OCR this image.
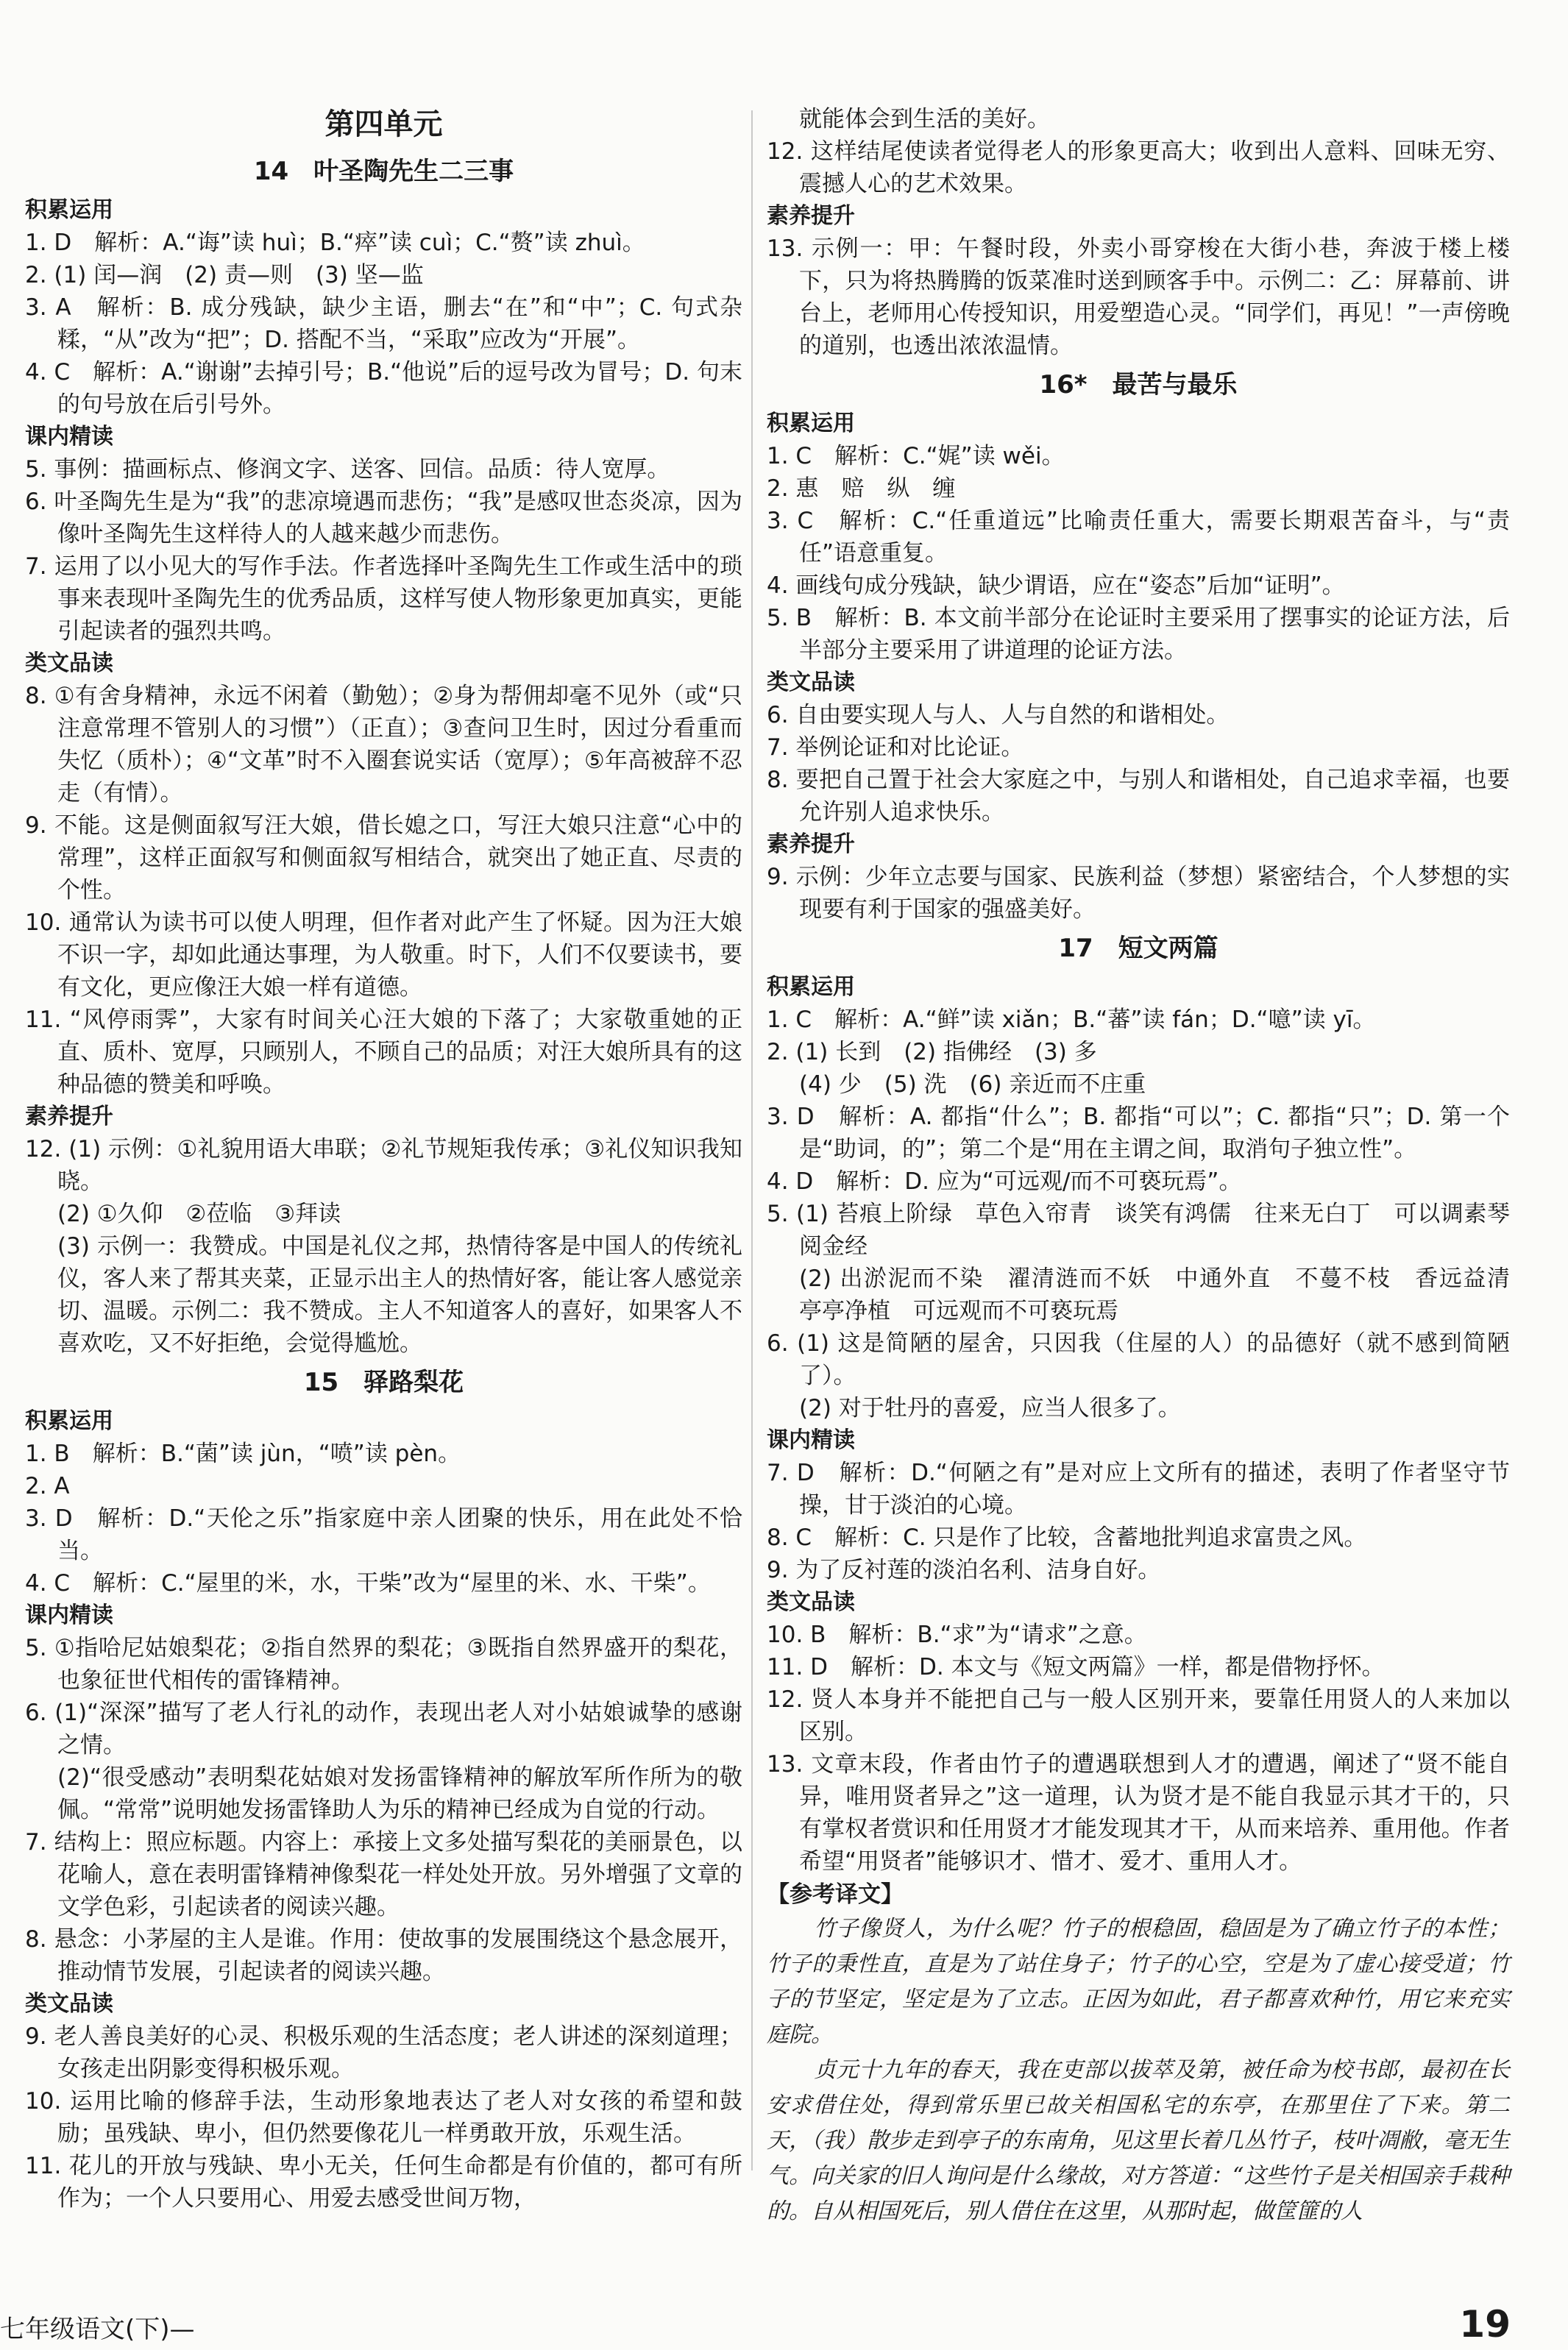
第四单元
14　叶圣陶先生二三事

积累运用

1. D　解析：A.“诲”读 huì；B.“瘁”读 cuì；C.“赘”读 zhuì。

2. (1) 闰—润　(2) 责—则　(3) 坚—监

3. A　解析：B. 成分残缺，缺少主语，删去“在”和“中”；C. 句式杂糅，“从”改为“把”；D. 搭配不当，“采取”应改为“开展”。

4. C　解析：A.“谢谢”去掉引号；B.“他说”后的逗号改为冒号；D. 句末的句号放在后引号外。

课内精读

5. 事例：描画标点、修润文字、送客、回信。品质：待人宽厚。

6. 叶圣陶先生是为“我”的悲凉境遇而悲伤；“我”是感叹世态炎凉，因为像叶圣陶先生这样待人的人越来越少而悲伤。

7. 运用了以小见大的写作手法。作者选择叶圣陶先生工作或生活中的琐事来表现叶圣陶先生的优秀品质，这样写使人物形象更加真实，更能引起读者的强烈共鸣。

类文品读

8. ①有舍身精神，永远不闲着（勤勉）；②身为帮佣却毫不见外（或“只注意常理不管别人的习惯”）（正直）；③查问卫生时，因过分看重而失忆（质朴）；④“文革”时不入圈套说实话（宽厚）；⑤年高被辞不忍走（有情）。

9. 不能。这是侧面叙写汪大娘，借长媳之口，写汪大娘只注意“心中的常理”，这样正面叙写和侧面叙写相结合，就突出了她正直、尽责的个性。

10. 通常认为读书可以使人明理，但作者对此产生了怀疑。因为汪大娘不识一字，却如此通达事理，为人敬重。时下，人们不仅要读书，要有文化，更应像汪大娘一样有道德。

11. “风停雨霁”，大家有时间关心汪大娘的下落了；大家敬重她的正直、质朴、宽厚，只顾别人，不顾自己的品质；对汪大娘所具有的这种品德的赞美和呼唤。

素养提升

12. (1) 示例：①礼貌用语大串联；②礼节规矩我传承；③礼仪知识我知晓。

(2) ①久仰　②莅临　③拜读

(3) 示例一：我赞成。中国是礼仪之邦，热情待客是中国人的传统礼仪，客人来了帮其夹菜，正显示出主人的热情好客，能让客人感觉亲切、温暖。示例二：我不赞成。主人不知道客人的喜好，如果客人不喜欢吃，又不好拒绝，会觉得尴尬。

15　驿路梨花

积累运用

1. B　解析：B.“菌”读 jùn，“喷”读 pèn。

2. A

3. D　解析：D.“天伦之乐”指家庭中亲人团聚的快乐，用在此处不恰当。

4. C　解析：C.“屋里的米，水，干柴”改为“屋里的米、水、干柴”。

课内精读

5. ①指哈尼姑娘梨花；②指自然界的梨花；③既指自然界盛开的梨花，也象征世代相传的雷锋精神。

6. (1)“深深”描写了老人行礼的动作，表现出老人对小姑娘诚挚的感谢之情。

(2)“很受感动”表明梨花姑娘对发扬雷锋精神的解放军所作所为的敬佩。“常常”说明她发扬雷锋助人为乐的精神已经成为自觉的行动。

7. 结构上：照应标题。内容上：承接上文多处描写梨花的美丽景色，以花喻人，意在表明雷锋精神像梨花一样处处开放。另外增强了文章的文学色彩，引起读者的阅读兴趣。

8. 悬念：小茅屋的主人是谁。作用：使故事的发展围绕这个悬念展开，推动情节发展，引起读者的阅读兴趣。

类文品读

9. 老人善良美好的心灵、积极乐观的生活态度；老人讲述的深刻道理；女孩走出阴影变得积极乐观。

10. 运用比喻的修辞手法，生动形象地表达了老人对女孩的希望和鼓励；虽残缺、卑小，但仍然要像花儿一样勇敢开放，乐观生活。

11. 花儿的开放与残缺、卑小无关，任何生命都是有价值的，都可有所作为；一个人只要用心、用爱去感受世间万物，

就能体会到生活的美好。

12. 这样结尾使读者觉得老人的形象更高大；收到出人意料、回味无穷、震撼人心的艺术效果。

素养提升

13. 示例一：甲：午餐时段，外卖小哥穿梭在大街小巷，奔波于楼上楼下，只为将热腾腾的饭菜准时送到顾客手中。示例二：乙：屏幕前、讲台上，老师用心传授知识，用爱塑造心灵。“同学们，再见！”一声傍晚的道别，也透出浓浓温情。

16*　最苦与最乐

积累运用

1. C　解析：C.“娓”读 wěi。

2. 惠　赔　纵　缠

3. C　解析：C.“任重道远”比喻责任重大，需要长期艰苦奋斗，与“责任”语意重复。

4. 画线句成分残缺，缺少谓语，应在“姿态”后加“证明”。

5. B　解析：B. 本文前半部分在论证时主要采用了摆事实的论证方法，后半部分主要采用了讲道理的论证方法。

类文品读

6. 自由要实现人与人、人与自然的和谐相处。

7. 举例论证和对比论证。

8. 要把自己置于社会大家庭之中，与别人和谐相处，自己追求幸福，也要允许别人追求快乐。

素养提升

9. 示例：少年立志要与国家、民族利益（梦想）紧密结合，个人梦想的实现要有利于国家的强盛美好。

17　短文两篇

积累运用

1. C　解析：A.“鲜”读 xiǎn；B.“蕃”读 fán；D.“噫”读 yī。

2. (1) 长到　(2) 指佛经　(3) 多

(4) 少　(5) 洗　(6) 亲近而不庄重

3. D　解析：A. 都指“什么”；B. 都指“可以”；C. 都指“只”；D. 第一个是“助词，的”；第二个是“用在主谓之间，取消句子独立性”。

4. D　解析：D. 应为“可远观/而不可亵玩焉”。

5. (1) 苔痕上阶绿　草色入帘青　谈笑有鸿儒　往来无白丁　可以调素琴　阅金经

(2) 出淤泥而不染　濯清涟而不妖　中通外直　不蔓不枝　香远益清　亭亭净植　可远观而不可亵玩焉

6. (1) 这是简陋的屋舍，只因我（住屋的人）的品德好（就不感到简陋了）。

(2) 对于牡丹的喜爱，应当人很多了。

课内精读

7. D　解析：D.“何陋之有”是对应上文所有的描述，表明了作者坚守节操，甘于淡泊的心境。

8. C　解析：C. 只是作了比较，含蓄地批判追求富贵之风。

9. 为了反衬莲的淡泊名利、洁身自好。

类文品读

10. B　解析：B.“求”为“请求”之意。

11. D　解析：D. 本文与《短文两篇》一样，都是借物抒怀。

12. 贤人本身并不能把自己与一般人区别开来，要靠任用贤人的人来加以区别。

13. 文章末段，作者由竹子的遭遇联想到人才的遭遇，阐述了“贤不能自异，唯用贤者异之”这一道理，认为贤才是不能自我显示其才干的，只有掌权者赏识和任用贤才才能发现其才干，从而来培养、重用他。作者希望“用贤者”能够识才、惜才、爱才、重用人才。

【参考译文】

竹子像贤人，为什么呢？竹子的根稳固，稳固是为了确立竹子的本性；竹子的秉性直，直是为了站住身子；竹子的心空，空是为了虚心接受道；竹子的节坚定，坚定是为了立志。正因为如此，君子都喜欢种竹，用它来充实庭院。

贞元十九年的春天，我在吏部以拔萃及第，被任命为校书郎，最初在长安求借住处，得到常乐里已故关相国私宅的东亭，在那里住了下来。第二天，（我）散步走到亭子的东南角，见这里长着几丛竹子，枝叶凋敝，毫无生气。向关家的旧人询问是什么缘故，对方答道：“这些竹子是关相国亲手栽种的。自从相国死后，别人借住在这里，从那时起，做筐篚的人

七年级语文(下)—	19
